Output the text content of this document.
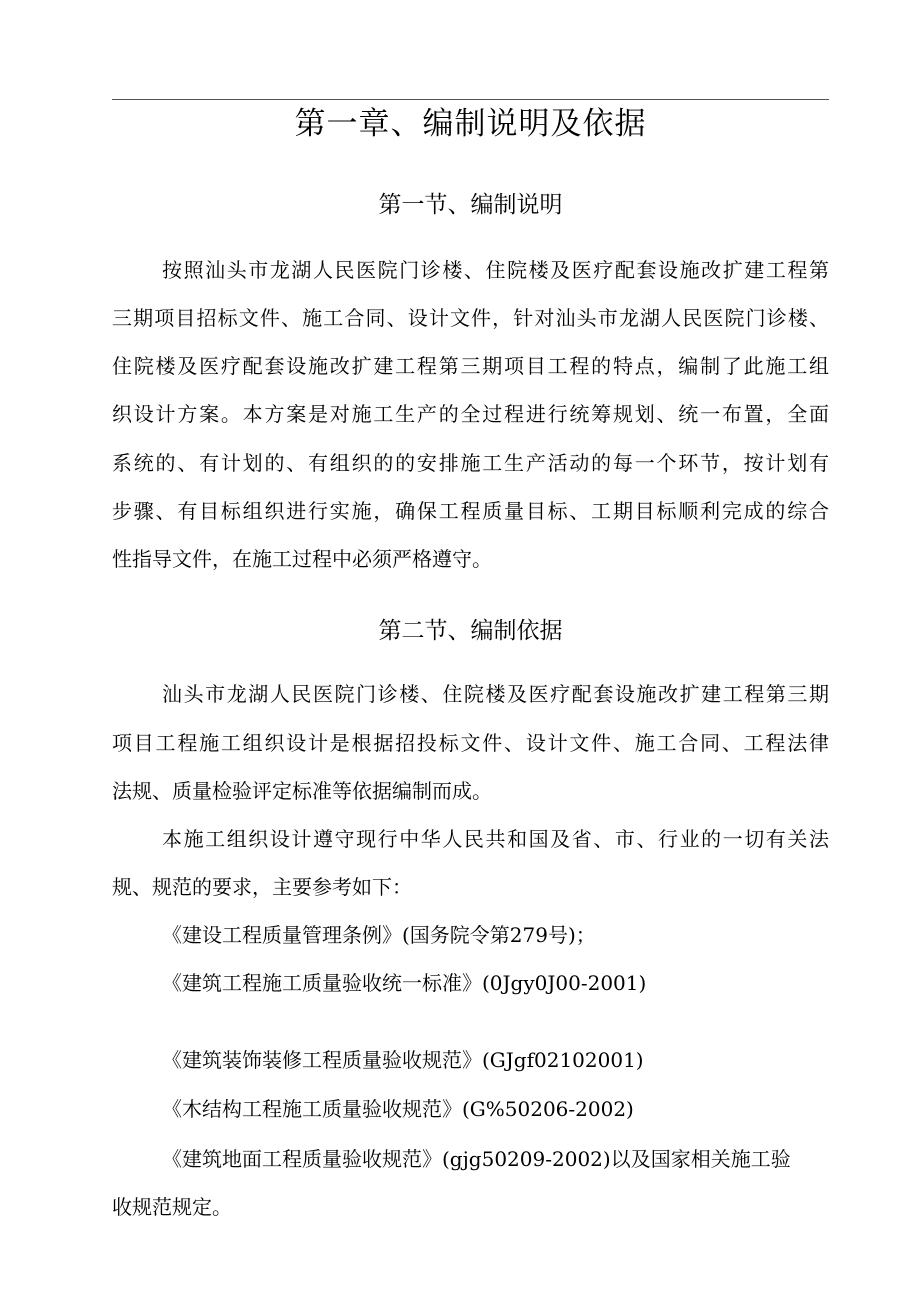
第一章、编制说明及依据
第一节、编制说明
按照汕头市龙湖人民医院门诊楼、住院楼及医疗配套设施改扩建工程第
三期项目招标文件、施工合同、设计文件，针对汕头市龙湖人民医院门诊楼、
住院楼及医疗配套设施改扩建工程第三期项目工程的特点，编制了此施工组
织设计方案。本方案是对施工生产的全过程进行统筹规划、统一布置，全面
系统的、有计划的、有组织的的安排施工生产活动的每一个环节，按计划有
步骤、有目标组织进行实施，确保工程质量目标、工期目标顺利完成的综合
性指导文件，在施工过程中必须严格遵守。
第二节、编制依据
汕头市龙湖人民医院门诊楼、住院楼及医疗配套设施改扩建工程第三期
项目工程施工组织设计是根据招投标文件、设计文件、施工合同、工程法律
法规、质量检验评定标准等依据编制而成。
本施工组织设计遵守现行中华人民共和国及省、市、行业的一切有关法
规、规范的要求，主要参考如下：
《建设工程质量管理条例》(国务院令第279号)；
《建筑工程施工质量验收统一标准》(0Jgy0J00-2001)
《建筑装饰装修工程质量验收规范》(GJgf02102001)
《木结构工程施工质量验收规范》(G%50206-2002)
《建筑地面工程质量验收规范》(gjg50209-2002)以及国家相关施工验
收规范规定。
